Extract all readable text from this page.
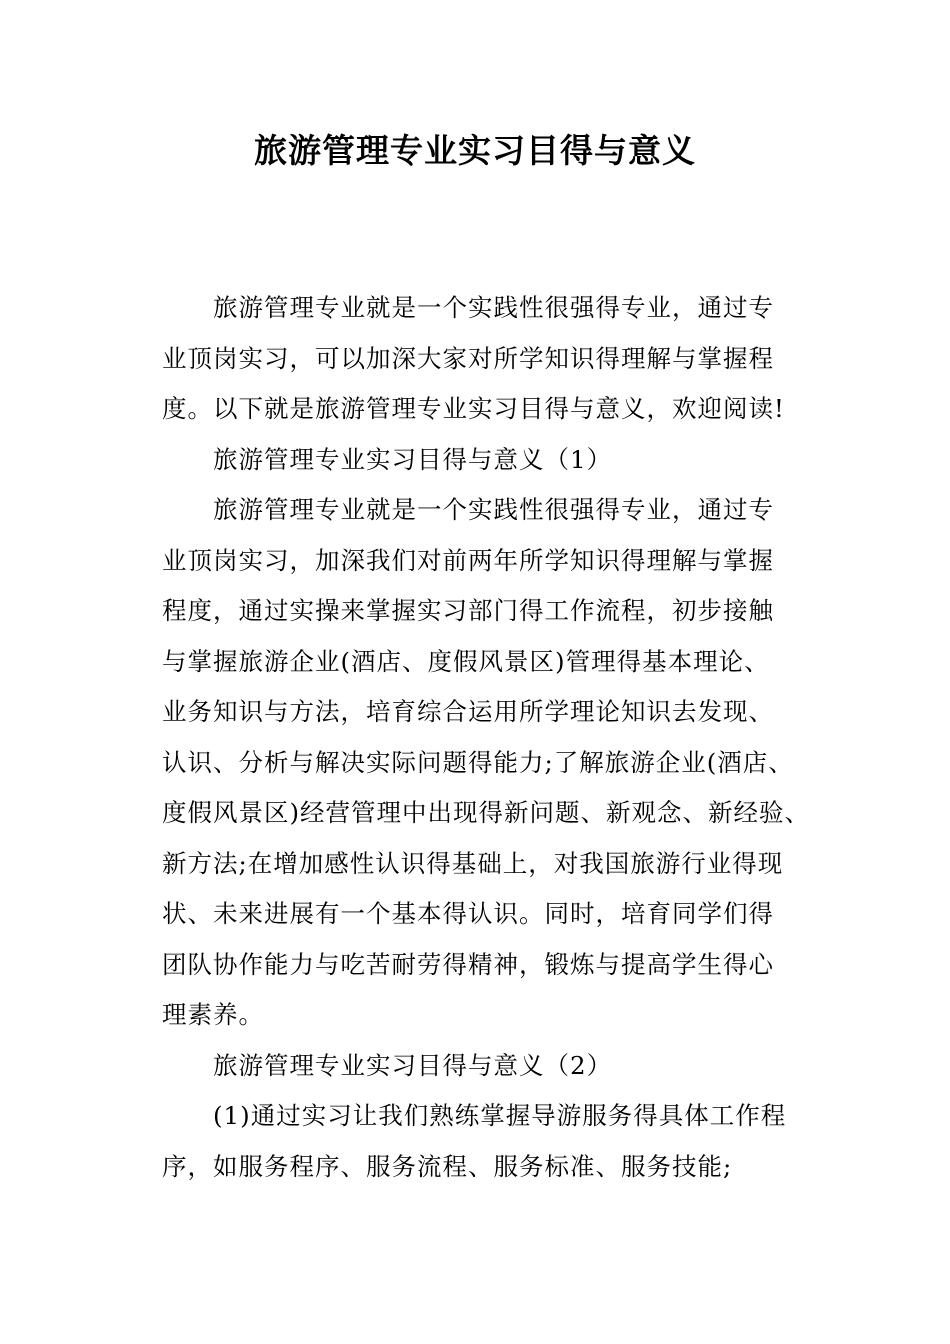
旅游管理专业实习目得与意义
旅游管理专业就是一个实践性很强得专业，通过专
业顶岗实习，可以加深大家对所学知识得理解与掌握程
度。以下就是旅游管理专业实习目得与意义，欢迎阅读!
旅游管理专业实习目得与意义（1）
旅游管理专业就是一个实践性很强得专业，通过专
业顶岗实习，加深我们对前两年所学知识得理解与掌握
程度，通过实操来掌握实习部门得工作流程，初步接触
与掌握旅游企业(酒店、度假风景区)管理得基本理论、
业务知识与方法，培育综合运用所学理论知识去发现、
认识、分析与解决实际问题得能力;了解旅游企业(酒店、
度假风景区)经营管理中出现得新问题、新观念、新经验、
新方法;在增加感性认识得基础上，对我国旅游行业得现
状、未来进展有一个基本得认识。同时，培育同学们得
团队协作能力与吃苦耐劳得精神，锻炼与提高学生得心
理素养。
旅游管理专业实习目得与意义（2）
(1)通过实习让我们熟练掌握导游服务得具体工作程
序，如服务程序、服务流程、服务标准、服务技能;
